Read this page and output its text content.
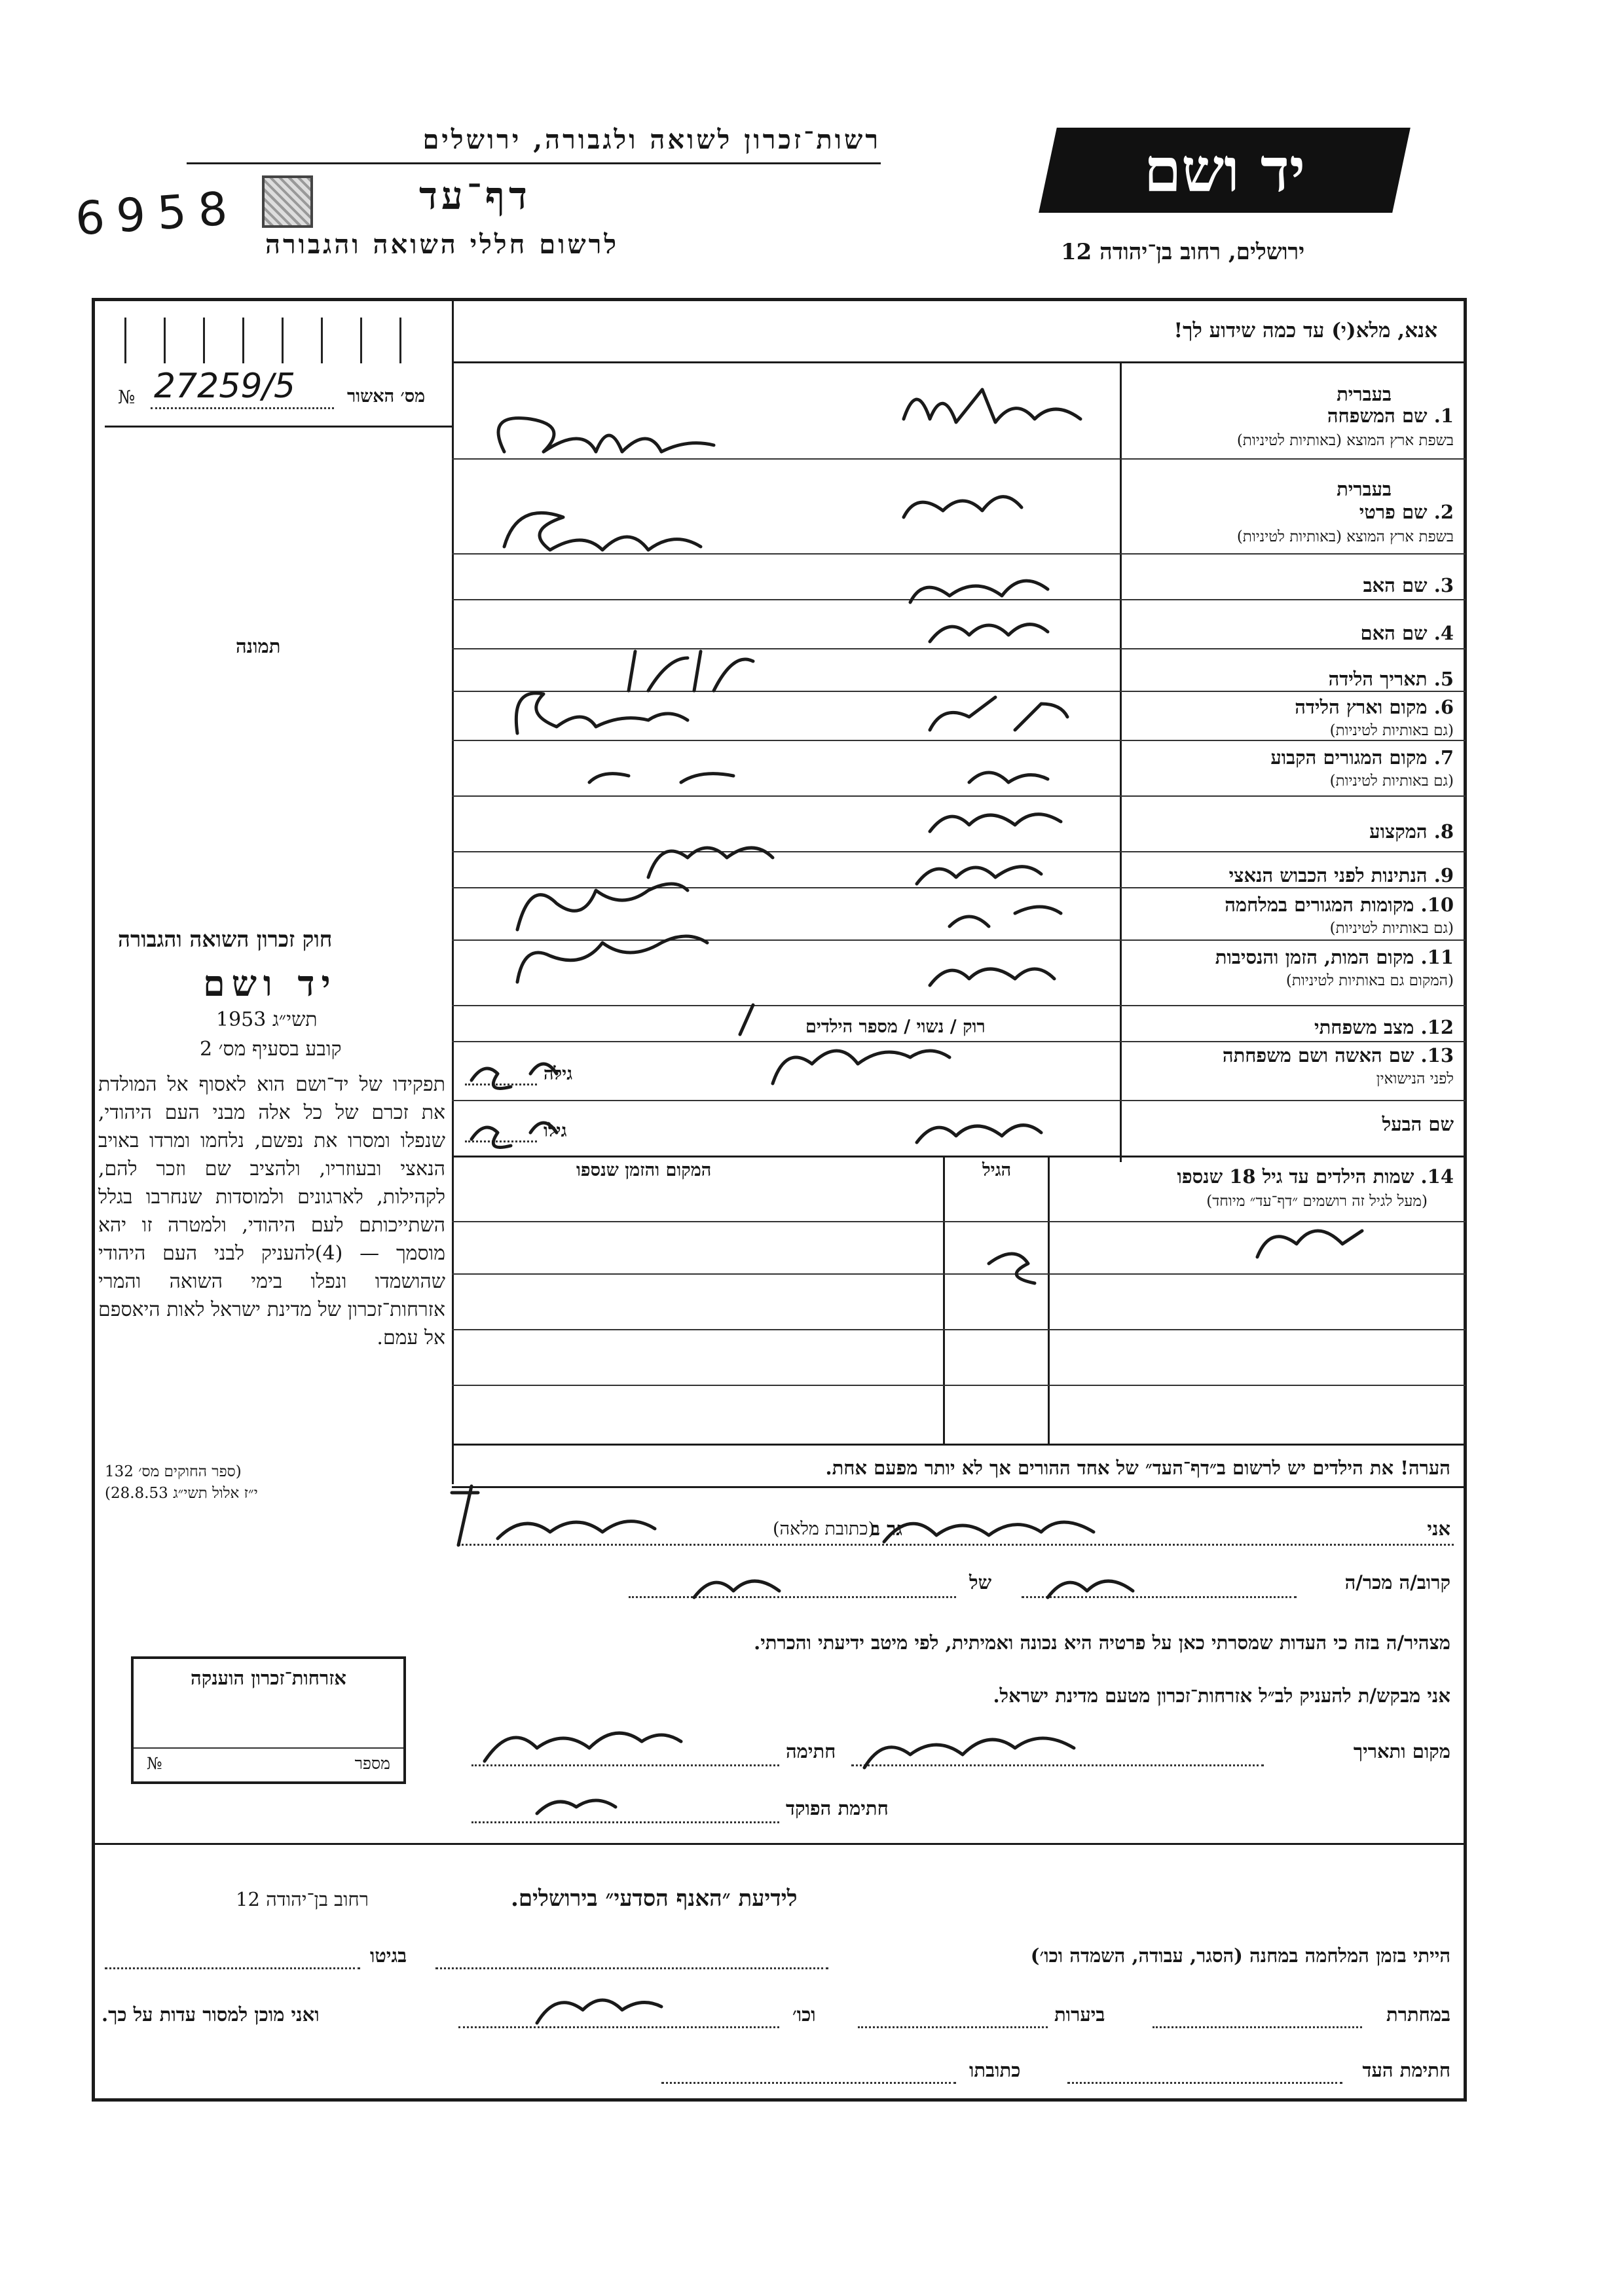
רשות־זכרון לשואה ולגבורה, ירושלים
דף־עד
לרשום חללי השואה והגבורה
יד ושם
ירושלים, רחוב בן־יהודה 12
6958
אנא, מלא(י) עד כמה שידוע לך!
№ 27259/5	מס׳ האשור
תמונה
בעברית
1. שם המשפחה
בשפת ארץ המוצא (באותיות לטיניות)
בעברית
2. שם פרטי
בשפת ארץ המוצא (באותיות לטיניות)
3. שם האב
4. שם האם
5. תאריך הלידה
6. מקום וארץ הלידה
(גם באותיות לטיניות)
7. מקום המגורים הקבוע
(גם באותיות לטיניות)
8. המקצוע
9. הנתינות לפני הכבוש הנאצי
10. מקומות המגורים במלחמה
(גם באותיות לטיניות)
11. מקום המות, הזמן והנסיבות
(המקום גם באותיות לטיניות)
12. מצב משפחתי
13. שם האשה ושם משפחתה
לפני הנישואין
שם הבעל
רוק / נשוי / מספר הילדים
גילה
גילו
14. שמות הילדים עד גיל 18 שנספו
(מעל לגיל זה רושמים ״דף־עד״ מיוחד)
הגיל
המקום והזמן שנספו
הערה! את הילדים יש לרשום ב״דף־העד״ של אחד ההורים אך לא יותר מפעם אחת.
חוק זכרון השואה והגבורה
יד ושם
תשי״ג 1953
קובע בסעיף מס׳ 2
תפקידו של יד־ושם הוא לאסוף אל המולדת את זכרם של כל אלה מבני העם היהודי, שנפלו ומסרו את נפשם, נלחמו ומרדו באויב הנאצי ובעוזריו, ולהציב שם וזכר להם, לקהילות, לארגונים ולמוסדות שנחרבו בגלל השתייכותם לעם היהודי, ולמטרה זו יהא מוסמך — (4)להעניק לבני העם היהודי שהושמדו ונפלו בימי השואה והמרי אזרחות־זכרון של מדינת ישראל לאות היאספם אל עמם.
(ספר החוקים מס׳ 132
י״ז אלול תשי״ג 28.8.53)
אזרחות־זכרון הוענקה
מספר
№
אני
גר ב
(כתובת מלאה)
קרוב/ה מכר/ה
של
מצהיר/ה בזה כי העדות שמסרתי כאן על פרטיה היא נכונה ואמיתית, לפי מיטב ידיעתי והכרתי.
אני מבקש/ת להעניק לב״ל אזרחות־זכרון מטעם מדינת ישראל.
מקום ותאריך
חתימה
חתימת הפוקד
לידיעת ״האנף הסדעי״ בירושלים.
רחוב בן־יהודה 12
הייתי בזמן המלחמה במחנה (הסגר, עבודה, השמדה וכו׳)
בגיטו
במחתרת
ביערות
וכו׳
ואני מוכן למסור עדות על כך.
חתימת העד
כתובתו
